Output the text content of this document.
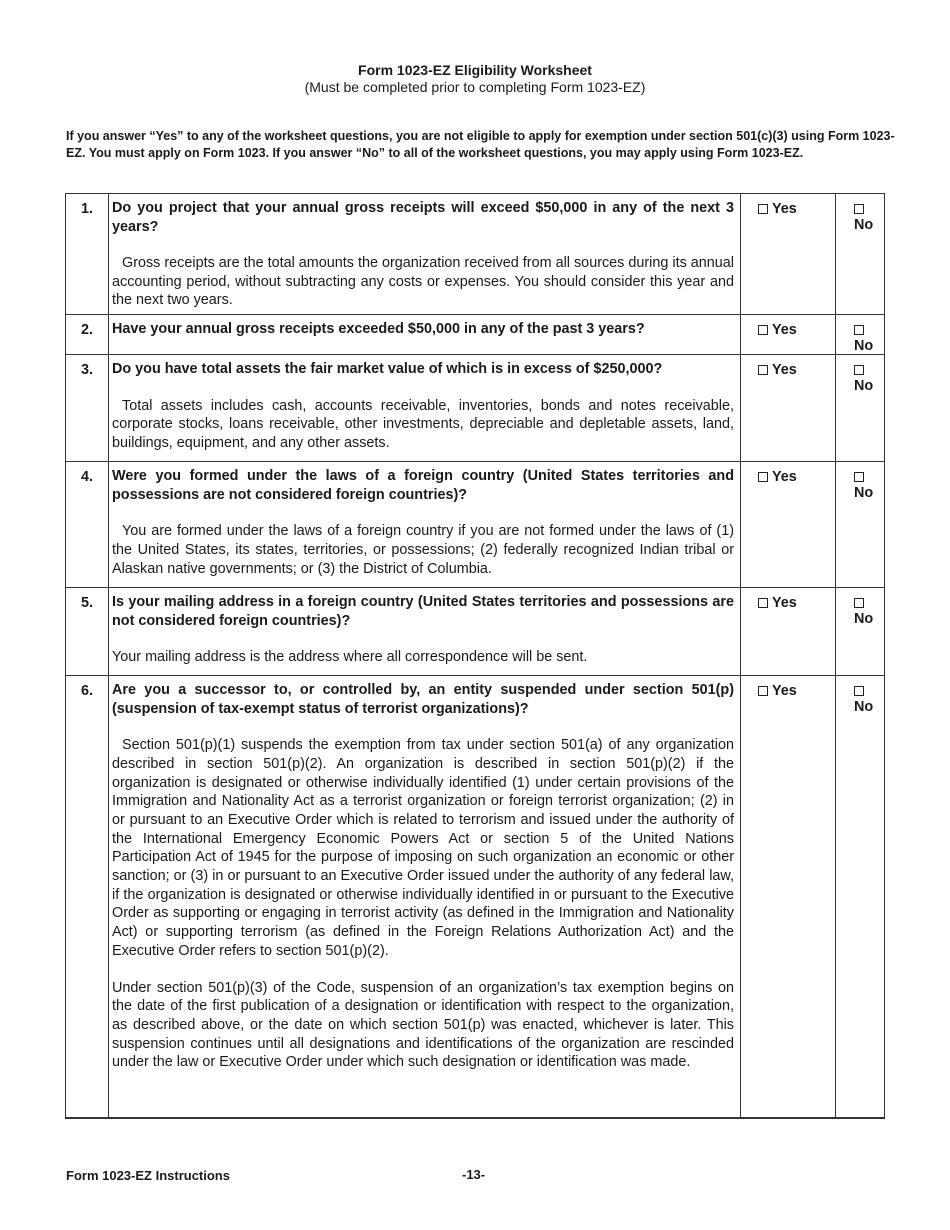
Form 1023-EZ Eligibility Worksheet
(Must be completed prior to completing Form 1023-EZ)
If you answer “Yes” to any of the worksheet questions, you are not eligible to apply for exemption under section 501(c)(3) using Form 1023-EZ. You must apply on Form 1023. If you answer “No” to all of the worksheet questions, you may apply using Form 1023-EZ.
1.	Do you project that your annual gross receipts will exceed $50,000 in any of the next 3 years?
Gross receipts are the total amounts the organization received from all sources during its annual accounting period, without subtracting any costs or expenses. You should consider this year and the next two years.	Yes	No
2.	Have your annual gross receipts exceeded $50,000 in any of the past 3 years?	Yes	No
3.	Do you have total assets the fair market value of which is in excess of $250,000?
Total assets includes cash, accounts receivable, inventories, bonds and notes receivable, corporate stocks, loans receivable, other investments, depreciable and depletable assets, land, buildings, equipment, and any other assets.	Yes	No
4.	Were you formed under the laws of a foreign country (United States territories and possessions are not considered foreign countries)?
You are formed under the laws of a foreign country if you are not formed under the laws of (1) the United States, its states, territories, or possessions; (2) federally recognized Indian tribal or Alaskan native governments; or (3) the District of Columbia.	Yes	No
5.	Is your mailing address in a foreign country (United States territories and possessions are not considered foreign countries)?
Your mailing address is the address where all correspondence will be sent.	Yes	No
6.	Are you a successor to, or controlled by, an entity suspended under section 501(p) (suspension of tax-exempt status of terrorist organizations)?
Section 501(p)(1) suspends the exemption from tax under section 501(a) of any organization described in section 501(p)(2). An organization is described in section 501(p)(2) if the organization is designated or otherwise individually identified (1) under certain provisions of the Immigration and Nationality Act as a terrorist organization or foreign terrorist organization; (2) in or pursuant to an Executive Order which is related to terrorism and issued under the authority of the International Emergency Economic Powers Act or section 5 of the United Nations Participation Act of 1945 for the purpose of imposing on such organization an economic or other sanction; or (3) in or pursuant to an Executive Order issued under the authority of any federal law, if the organization is designated or otherwise individually identified in or pursuant to the Executive Order as supporting or engaging in terrorist activity (as defined in the Immigration and Nationality Act) or supporting terrorism (as defined in the Foreign Relations Authorization Act) and the Executive Order refers to section 501(p)(2).
Under section 501(p)(3) of the Code, suspension of an organization’s tax exemption begins on the date of the first publication of a designation or identification with respect to the organization, as described above, or the date on which section 501(p) was enacted, whichever is later. This suspension continues until all designations and identifications of the organization are rescinded under the law or Executive Order under which such designation or identification was made.	Yes	No
Form 1023-EZ Instructions	-13-
